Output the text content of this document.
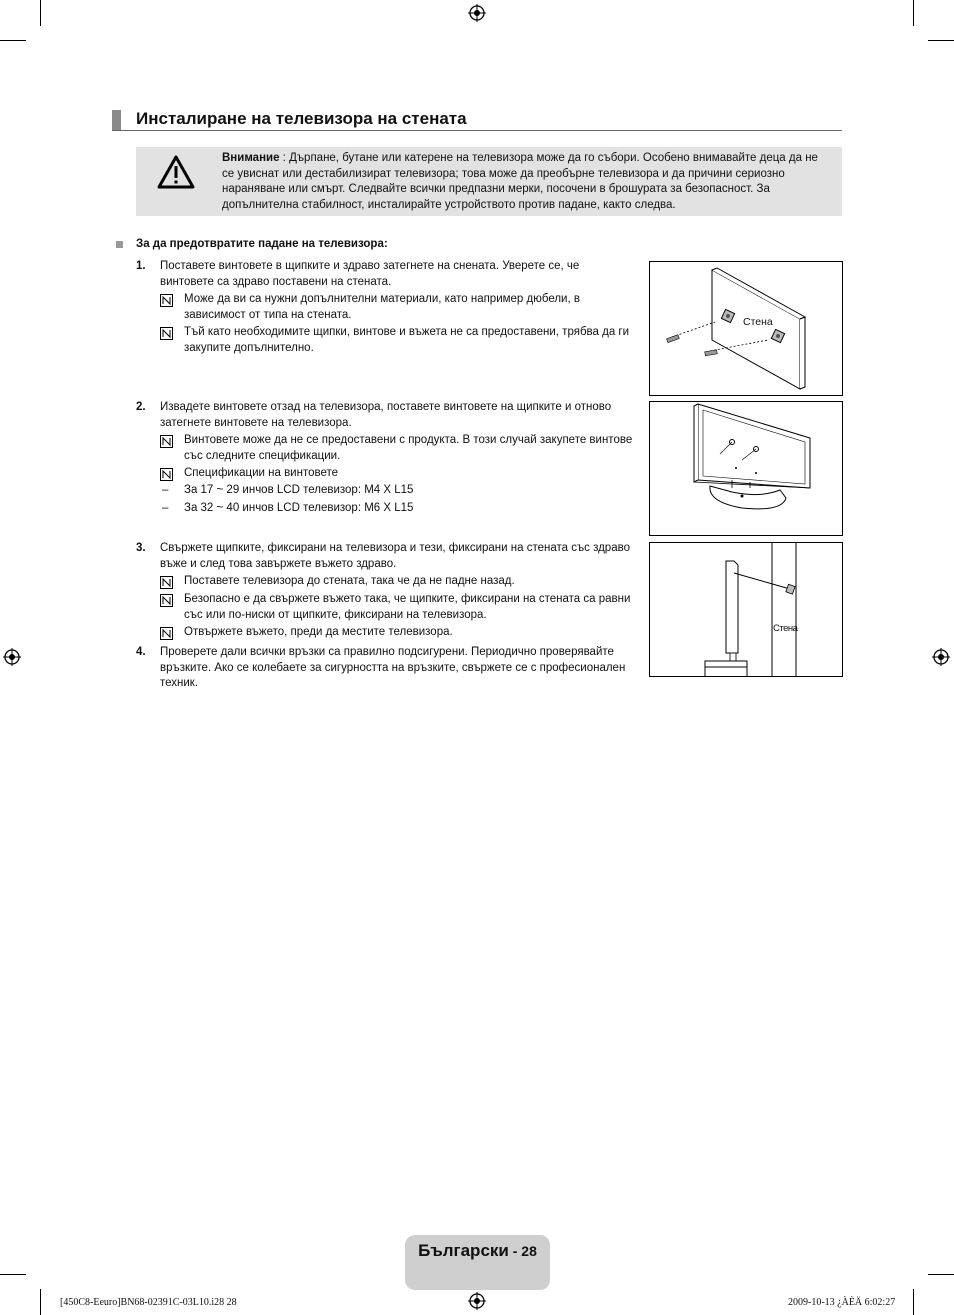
Инсталиране на телевизора на стената
Внимание : Дърпане, бутане или катерене на телевизора може да го събори. Особено внимавайте деца да не се увиснат или дестабилизират телевизора; това може да преобърне телевизора и да причини сериозно нараняване или смърт. Следвайте всички предпазни мерки, посочени в брошурата за безопасност. За допълнителна стабилност, инсталирайте устройството против падане, както следва.
За да предотвратите падане на телевизора:
1. Поставете винтовете в щипките и здраво затегнете на снената. Уверете се, че винтовете са здраво поставени на стената.
Може да ви са нужни допълнителни материали, като например дюбели, в зависимост от типа на стената.
Тъй като необходимите щипки, винтове и въжета не са предоставени, трябва да ги закупите допълнително.
2. Извадете винтовете отзад на телевизора, поставете винтовете на щипките и отново затегнете винтовете на телевизора.
Винтовете може да не се предоставени с продукта. В този случай закупете винтове със следните спецификации.
Спецификации на винтовете
– За 17 ~ 29 инчов LCD телевизор: M4 X L15
– За 32 ~ 40 инчов LCD телевизор: M6 X L15
3. Свържете щипките, фиксирани на телевизора и тези, фиксирани на стената със здраво въже и след това завържете въжето здраво.
Поставете телевизора до стената, така че да не падне назад.
Безопасно е да свържете въжето така, че щипките, фиксирани на стената са равни със или по-ниски от щипките, фиксирани на телевизора.
Отвържете въжето, преди да местите телевизора.
4. Проверете дали всички връзки са правилно подсигурени. Периодично проверявайте връзките. Ако се колебаете за сигурността на връзките, свържете се с професионален техник.
Стена
Стена
Български - 28
[450C8-Eeuro]BN68-02391C-03L10.i28 28	2009-10-13 ¿ÀÈÄ 6:02:27
